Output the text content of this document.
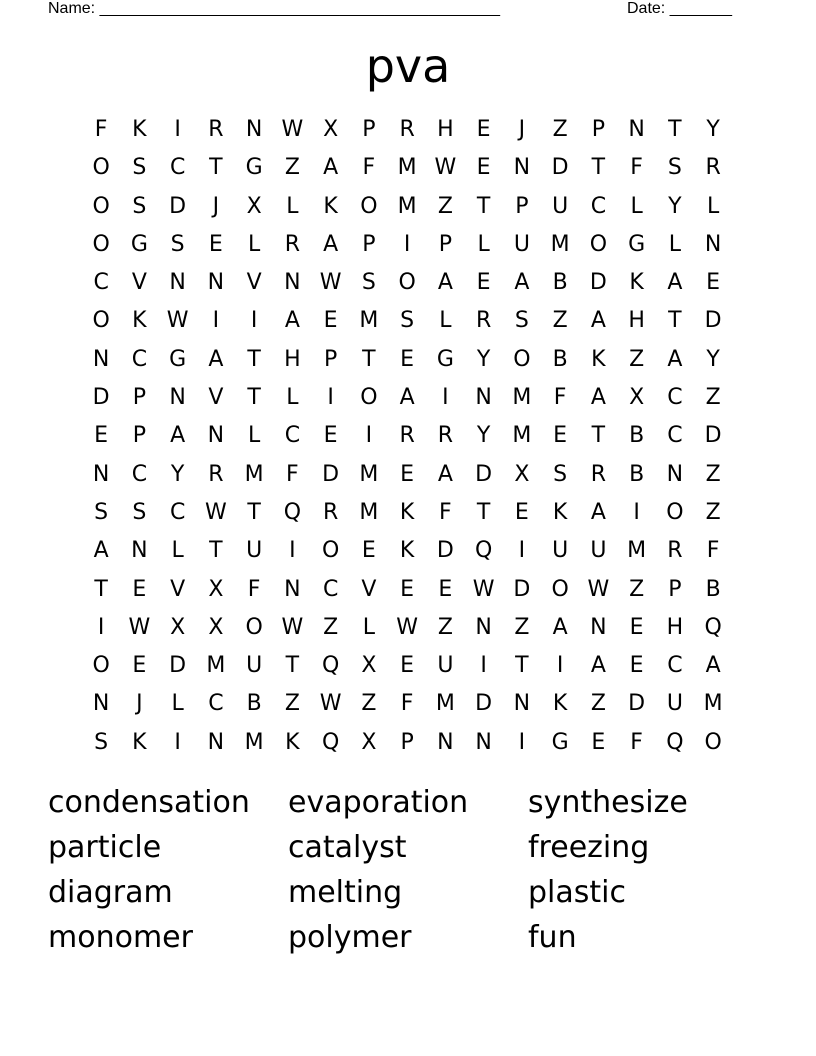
Name: _____________________________________________	Date: _______
pva
F	K	I	R	N W X	P	R	H	E	J	Z	P	N	T	Y
O	S	C	T	G	Z	A	F	M W E	N D	T	F	S	R
O	S	D	J	X	L	K	O M Z	T	P	U	C	L	Y	L
O G	S	E	L	R	A	P	I	P	L	U M O G	L	N
C	V	N N	V	N W S	O	A	E	A	B	D	K	A	E
O	K W	I	I	A	E M S	L	R	S	Z	A	H	T	D
N	C	G	A	T	H	P	T	E	G	Y	O	B	K	Z	A	Y
D	P	N	V	T	L	I	O	A	I	N M	F	A	X	C	Z
E	P	A	N	L	C	E	I	R	R	Y	M E	T	B	C	D
N	C	Y	R M	F	D M E	A	D	X	S	R	B	N	Z
S	S	C W T	Q R M K	F	T	E	K	A	I	O	Z
A	N	L	T	U	I	O	E	K	D Q	I	U	U M R	F
T	E	V	X	F	N	C	V	E	E W D O W Z	P	B
I	W X	X	O W Z	L W Z	N	Z	A	N	E	H Q
O	E	D M U	T	Q	X	E	U	I	T	I	A	E	C	A
N	J	L	C	B	Z W Z	F	M D N	K	Z	D U M
S	K	I	N M K	Q	X	P	N N	I	G	E	F	Q O
condensation	evaporation	synthesize
particle	catalyst	freezing
diagram	melting	plastic
monomer	polymer	fun
